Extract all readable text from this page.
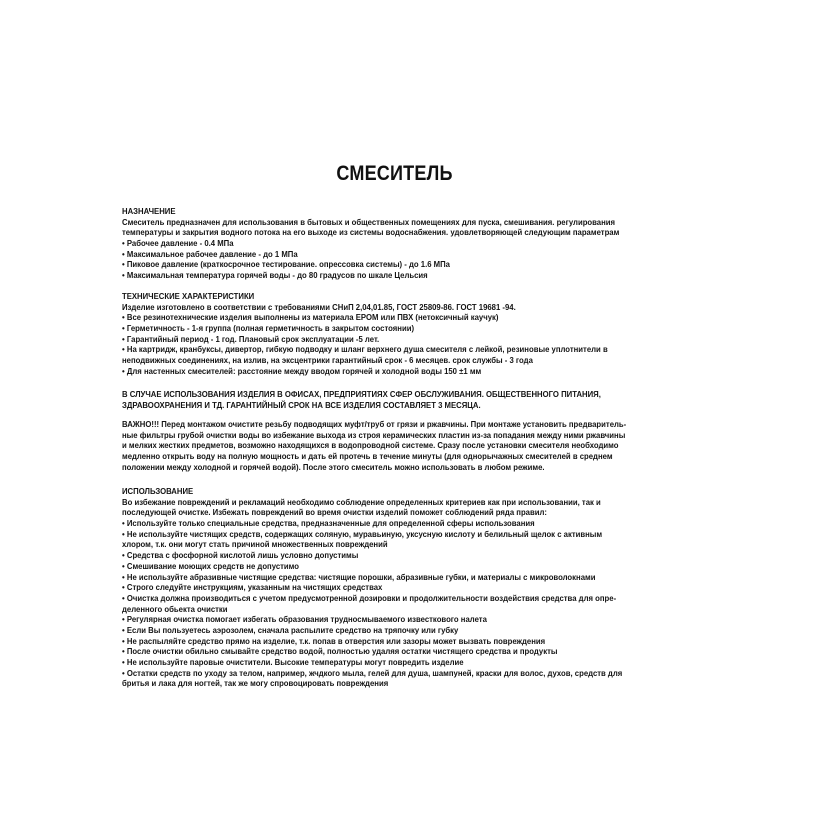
СМЕСИТЕЛЬ
НАЗНАЧЕНИЕ
Смеситель предназначен для использования в бытовых и общественных помещениях для пуска, смешивания. регулирования
температуры и закрытия водного потока на его выходе из системы водоснабжения. удовлетворяющей следующим параметрам
• Рабочее давление - 0.4 МПа
• Максимальное рабочее давление - до 1 МПа
• Пиковое давление (краткосрочное тестирование. опрессовка системы) - до 1.6 МПа
• Максимальная температура горячей воды - до 80 градусов по шкале Цельсия
ТЕХНИЧЕСКИЕ ХАРАКТЕРИСТИКИ
Изделие изготовлено в соответствии с требованиями СНиП 2,04,01.85, ГОСТ 25809-86. ГОСТ 19681 -94.
• Все резинотехнические изделия выполнены из материала EPOM или ПВХ (нетоксичный каучук)
• Герметичность - 1-я группа (полная герметичность в закрытом состоянии)
• Гарантийный период - 1 год. Плановый срок эксплуатации -5 лет.
• На картридж, кранбуксы, дивертор, гибкую подводку и шланг верхнего душа смесителя с лейкой, резиновые уплотнители в
неподвижных соединениях, на излив, на эксцентрики гарантийный срок - 6 месяцев. срок службы - 3 года
• Для настенных смесителей: расстояние между вводом горячей и холодной воды 150 ±1 мм
В СЛУЧАЕ ИСПОЛЬЗОВАНИЯ ИЗДЕЛИЯ В ОФИСАХ, ПРЕДПРИЯТИЯХ СФЕР ОБСЛУЖИВАНИЯ. ОБЩЕСТВЕННОГО ПИТАНИЯ,
ЗДРАВООХРАНЕНИЯ И ТД. ГАРАНТИЙНЫЙ СРОК НА ВСЕ ИЗДЕЛИЯ СОСТАВЛЯЕТ 3 МЕСЯЦА.
ВАЖНО!!! Перед монтажом очистите резьбу подводящих муфт/труб от грязи и ржавчины. При монтаже установить предваритель-
ные фильтры грубой очистки воды во избежание выхода из строя керамических пластин из-за попадания между ними ржавчины
и мелких жестких предметов, возможно находящихся в водопроводной системе. Сразу после установки смесителя необходимо
медленно открыть воду на полную мощность и дать ей протечь в течение минуты (для однорычажных смесителей в среднем
положении между холодной и горячей водой). После этого смеситель можно использовать в любом режиме.
ИСПОЛЬЗОВАНИЕ
Во избежание повреждений и рекламаций необходимо соблюдение определенных критериев как при использовании, так и
последующей очистке. Избежать повреждений во время очистки изделий поможет соблюдений ряда правил:
• Используйте только специальные средства, предназначенные для определенной сферы использования
• Не используйте чистящих средств, содержащих соляную, муравьиную, уксусную кислоту и белильный щелок с активным
хлором, т.к. они могут стать причиной множественных повреждений
• Средства с фосфорной кислотой лишь условно допустимы
• Смешивание моющих средств не допустимо
• Не используйте абразивные чистящие средства: чистящие порошки, абразивные губки, и материалы с микроволокнами
• Строго следуйте инструкциям, указанным на чистящих средствах
• Очистка должна производиться с учетом предусмотренной дозировки и продолжительности воздействия средства для опре-
деленного обьекта очистки
• Регулярная очистка помогает избегать образования трудносмываемого известкового налета
• Если Вы пользуетесь аэрозолем, сначала распылите средство на тряпочку или губку
• Не распыляйте средство прямо на изделие, т.к. попав в отверстия или зазоры может вызвать повреждения
• После очистки обильно смывайте средство водой, полностью удаляя остатки чистящего средства и продукты
• Не используйте паровые очистители. Высокие температуры могут повредить изделие
• Остатки средств по уходу за телом, например, жчдкого мыла, гелей для душа, шампуней, краски для волос, духов, средств для
бритья и лака для ногтей, так же могу спровоцировать повреждения
